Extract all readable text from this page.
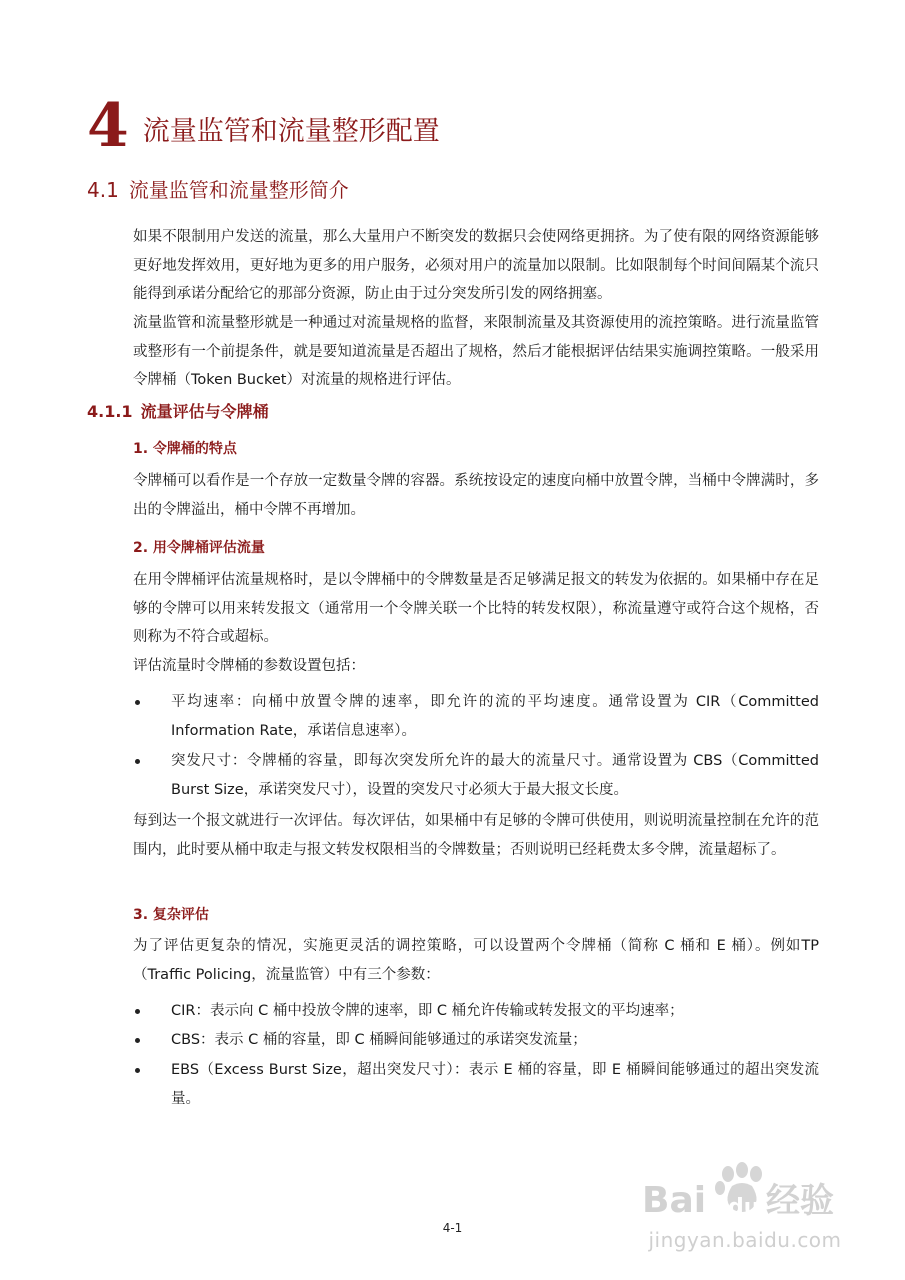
4 流量监管和流量整形配置
4.1 流量监管和流量整形简介

如果不限制用户发送的流量，那么大量用户不断突发的数据只会使网络更拥挤。为了使有限的网络资源能够更好地发挥效用，更好地为更多的用户服务，必须对用户的流量加以限制。比如限制每个时间间隔某个流只能得到承诺分配给它的那部分资源，防止由于过分突发所引发的网络拥塞。

流量监管和流量整形就是一种通过对流量规格的监督，来限制流量及其资源使用的流控策略。进行流量监管或整形有一个前提条件，就是要知道流量是否超出了规格，然后才能根据评估结果实施调控策略。一般采用令牌桶（Token Bucket）对流量的规格进行评估。

4.1.1 流量评估与令牌桶
1. 令牌桶的特点

令牌桶可以看作是一个存放一定数量令牌的容器。系统按设定的速度向桶中放置令牌，当桶中令牌满时，多出的令牌溢出，桶中令牌不再增加。

2. 用令牌桶评估流量

在用令牌桶评估流量规格时，是以令牌桶中的令牌数量是否足够满足报文的转发为依据的。如果桶中存在足够的令牌可以用来转发报文（通常用一个令牌关联一个比特的转发权限），称流量遵守或符合这个规格，否则称为不符合或超标。

评估流量时令牌桶的参数设置包括：

平均速率：向桶中放置令牌的速率，即允许的流的平均速度。通常设置为 CIR（Committed Information Rate，承诺信息速率）。
突发尺寸：令牌桶的容量，即每次突发所允许的最大的流量尺寸。通常设置为 CBS（Committed Burst Size，承诺突发尺寸），设置的突发尺寸必须大于最大报文长度。

每到达一个报文就进行一次评估。每次评估，如果桶中有足够的令牌可供使用，则说明流量控制在允许的范围内，此时要从桶中取走与报文转发权限相当的令牌数量；否则说明已经耗费太多令牌，流量超标了。

3. 复杂评估

为了评估更复杂的情况，实施更灵活的调控策略，可以设置两个令牌桶（简称 C 桶和 E 桶）。例如TP（Traffic Policing，流量监管）中有三个参数：

CIR：表示向 C 桶中投放令牌的速率，即 C 桶允许传输或转发报文的平均速率；
CBS：表示 C 桶的容量，即 C 桶瞬间能够通过的承诺突发流量；
EBS（Excess Burst Size，超出突发尺寸）：表示 E 桶的容量，即 E 桶瞬间能够通过的超出突发流量。
4-1
Bai du 经验
jingyan.baidu.com
